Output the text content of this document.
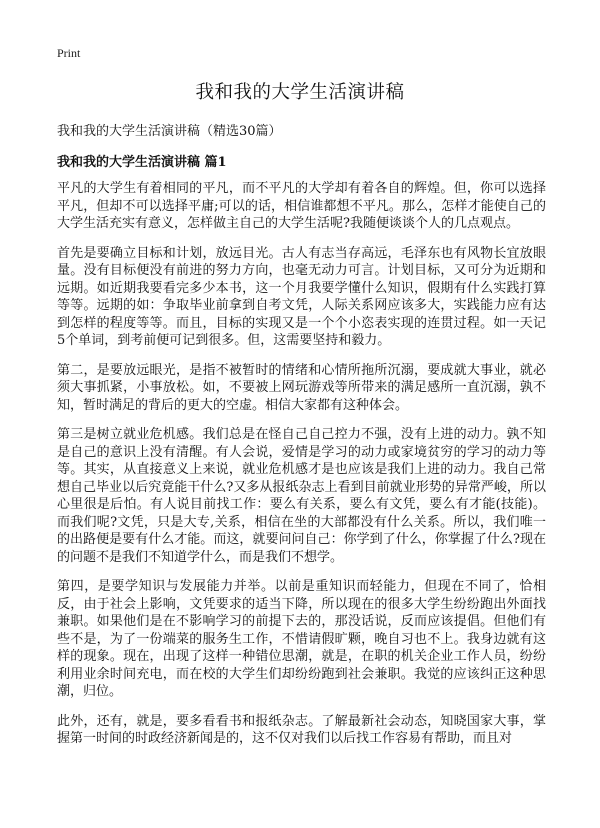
Print
我和我的大学生活演讲稿
我和我的大学生活演讲稿（精选30篇）
我和我的大学生活演讲稿 篇1

平凡的大学生有着相同的平凡，而不平凡的大学却有着各自的辉煌。但，你可以选择平凡，但却不可以选择平庸;可以的话，相信谁都想不平凡。那么，怎样才能使自己的大学生活充实有意义，怎样做主自己的大学生活呢?我随便谈谈个人的几点观点。

首先是要确立目标和计划，放远目光。古人有志当存高远，毛泽东也有风物长宜放眼量。没有目标便没有前进的努力方向，也毫无动力可言。计划目标，又可分为近期和远期。如近期我要看完多少本书，这一个月我要学懂什么知识，假期有什么实践打算等等。远期的如：争取毕业前拿到自考文凭，人际关系网应该多大，实践能力应有达到怎样的程度等等。而且，目标的实现又是一个个小恣表实现的连贯过程。如一天记5个单词，到考前便可记到很多。但，这需要坚持和毅力。

第二，是要放远眼光，是指不被暂时的情绪和心情所拖所沉溺，要成就大事业，就必须大事抓紧，小事放松。如，不要被上网玩游戏等所带来的满足感所一直沉溺，孰不知，暂时满足的背后的更大的空虚。相信大家都有这种体会。

第三是树立就业危机感。我们总是在怪自己自己控力不强，没有上进的动力。孰不知是自己的意识上没有清醒。有人会说，爱情是学习的动力或家境贫穷的学习的动力等等。其实，从直接意义上来说，就业危机感才是也应该是我们上进的动力。我自己常想自己毕业以后究竟能干什么?又多从报纸杂志上看到目前就业形势的异常严峻，所以心里很是后怕。有人说目前找工作：要么有关系，要么有文凭，要么有才能(技能)。而我们呢?文凭，只是大专,关系，相信在坐的大部都没有什么关系。所以，我们唯一的出路便是要有什么才能。而这，就要问问自己：你学到了什么，你掌握了什么?现在的问题不是我们不知道学什么，而是我们不想学。

第四，是要学知识与发展能力并举。以前是重知识而轻能力，但现在不同了，恰相反，由于社会上影响，文凭要求的适当下降，所以现在的很多大学生纷纷跑出外面找兼职。如果他们是在不影响学习的前提下去的，那没话说，反而应该提倡。但他们有些不是，为了一份端菜的服务生工作，不惜请假旷颗，晚自习也不上。我身边就有这样的现象。现在，出现了这样一种错位思潮，就是，在职的机关企业工作人员，纷纷利用业余时间充电，而在校的大学生们却纷纷跑到社会兼职。我觉的应该纠正这种思潮，归位。

此外，还有，就是，要多看看书和报纸杂志。了解最新社会动态，知晓国家大事，掌握第一时间的时政经济新闻是的，这不仅对我们以后找工作容易有帮助，而且对
